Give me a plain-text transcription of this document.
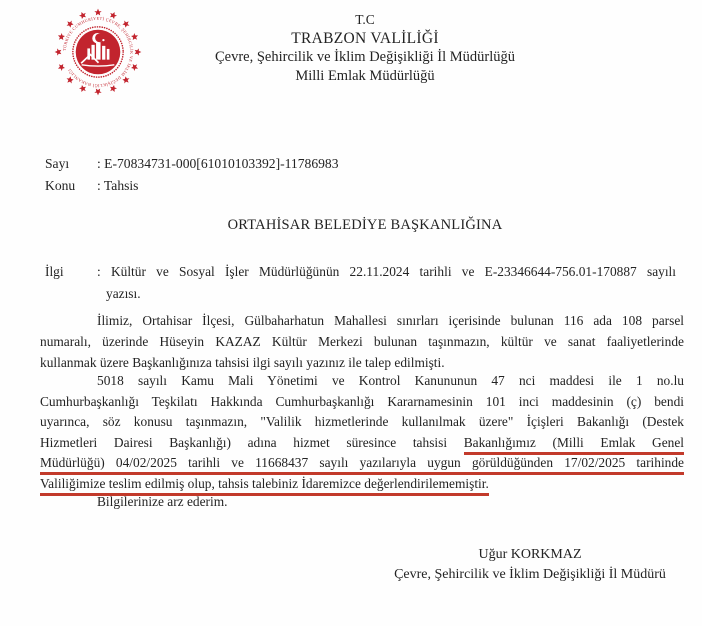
TÜRKİYE CUMHURİYETİ ÇEVRE, ŞEHİRCİLİK VE İKLİM DEĞİŞİKLİĞİ BAKANLIĞI
T.C
TRABZON VALİLİĞİ
Çevre, Şehircilik ve İklim Değişikliği İl Müdürlüğü
Milli Emlak Müdürlüğü
Sayı	: E-70834731-000[61010103392]-11786983
Konu	: Tahsis
ORTAHİSAR BELEDİYE BAŞKANLIĞINA
İlgi	: Kültür ve Sosyal İşler Müdürlüğünün 22.11.2024 tarihli ve E-23346644-756.01-170887 sayılı
yazısı.
İlimiz, Ortahisar İlçesi, Gülbaharhatun Mahallesi sınırları içerisinde bulunan 116 ada 108 parsel
numaralı, üzerinde Hüseyin KAZAZ Kültür Merkezi bulunan taşınmazın, kültür ve sanat faaliyetlerinde
kullanmak üzere Başkanlığınıza tahsisi ilgi sayılı yazınız ile talep edilmişti.
5018 sayılı Kamu Mali Yönetimi ve Kontrol Kanununun 47 nci maddesi ile 1 no.lu
Cumhurbaşkanlığı Teşkilatı Hakkında Cumhurbaşkanlığı Kararnamesinin 101 inci maddesinin (ç) bendi
uyarınca, söz konusu taşınmazın, "Valilik hizmetlerinde kullanılmak üzere" İçişleri Bakanlığı (Destek
Hizmetleri Dairesi Başkanlığı) adına hizmet süresince tahsisi Bakanlığımız (Milli Emlak Genel
Müdürlüğü) 04/02/2025 tarihli ve 11668437 sayılı yazılarıyla uygun görüldüğünden 17/02/2025 tarihinde
Valiliğimize teslim edilmiş olup, tahsis talebiniz İdaremizce değerlendirilememiştir.
Bilgilerinize arz ederim.
Uğur KORKMAZ
Çevre, Şehircilik ve İklim Değişikliği İl Müdürü
